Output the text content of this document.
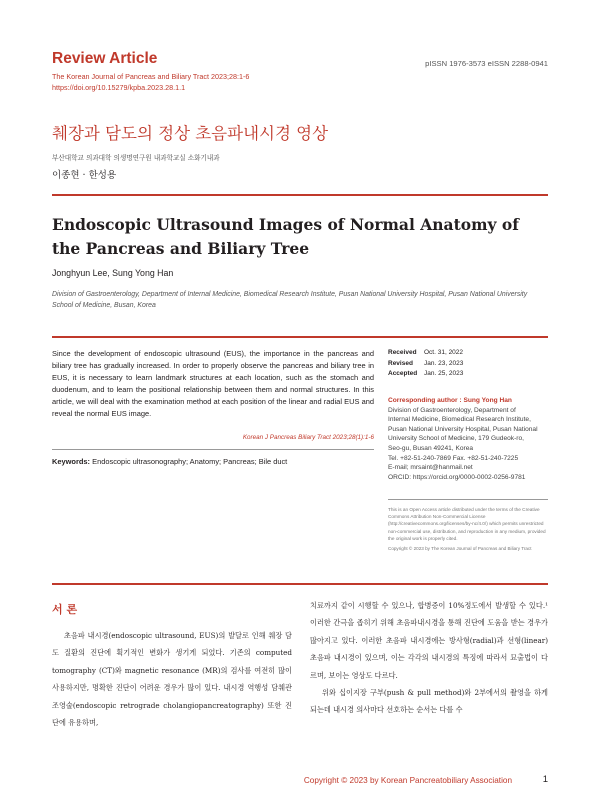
Review Article
The Korean Journal of Pancreas and Biliary Tract 2023;28:1-6
https://doi.org/10.15279/kpba.2023.28.1.1
pISSN 1976-3573 eISSN 2288-0941
췌장과 담도의 정상 초음파내시경 영상
부산대학교 의과대학 의생명연구원 내과학교실 소화기내과
이종현 · 한성용
Endoscopic Ultrasound Images of Normal Anatomy of the Pancreas and Biliary Tree
Jonghyun Lee, Sung Yong Han
Division of Gastroenterology, Department of Internal Medicine, Biomedical Research Institute, Pusan National University Hospital, Pusan National University School of Medicine, Busan, Korea
Since the development of endoscopic ultrasound (EUS), the importance in the pancreas and biliary tree has gradually increased. In order to properly observe the pancreas and biliary tree in EUS, it is necessary to learn landmark structures at each location, such as the stomach and duodenum, and to learn the positional relationship between them and normal structures. In this article, we will deal with the examination method at each position of the linear and radial EUS and reveal the normal EUS image.
Korean J Pancreas Biliary Tract 2023;28(1):1-6
Keywords: Endoscopic ultrasonography; Anatomy; Pancreas; Bile duct
Received Oct. 31, 2022
Revised Jan. 23, 2023
Accepted Jan. 25, 2023
Corresponding author : Sung Yong Han
Division of Gastroenterology, Department of
Internal Medicine, Biomedical Research Institute,
Pusan National University Hospital, Pusan National
University School of Medicine, 179 Gudeok-ro,
Seo-gu, Busan 49241, Korea
Tel. +82-51-240-7869 Fax. +82-51-240-7225
E-mail; mrsaint@hanmail.net
ORCID: https://orcid.org/0000-0002-0256-9781
This is an Open Access article distributed under the terms of the Creative Commons Attribution Non-Commercial License (http://creativecommons.org/licenses/by-nc/4.0/) which permits unrestricted non-commercial use, distribution, and reproduction in any medium, provided the original work is properly cited.
Copyright © 2023 by The Korean Journal of Pancreas and Biliary Tract
서 론

초음파 내시경(endoscopic ultrasound, EUS)의 발달로 인해 췌장 담도 질환의 진단에 획기적인 변화가 생기게 되었다. 기존의 computed tomography (CT)와 magnetic resonance (MR)의 검사를 여전히 많이 사용하지만, 명확한 진단이 어려운 경우가 많이 있다. 내시경 역행성 담췌관조영술(endoscopic retrograde cholangiopancreatography) 또한 진단에 유용하며,

치료까지 같이 시행할 수 있으나, 합병증이 10%정도에서 발생할 수 있다.¹ 이러한 간극을 좁히기 위해 초음파내시경을 통해 진단에 도움을 받는 경우가 많아지고 있다. 이러한 초음파 내시경에는 방사형(radial)과 선형(linear) 초음파 내시경이 있으며, 이는 각각의 내시경의 특징에 따라서 묘출법이 다르며, 보이는 영상도 다르다.

위와 십이지장 구부(push & pull method)와 2부에서의 촬영을 하게 되는데 내시경 의사마다 선호하는 순서는 다를 수

Copyright © 2023 by Korean Pancreatobiliary Association	1
